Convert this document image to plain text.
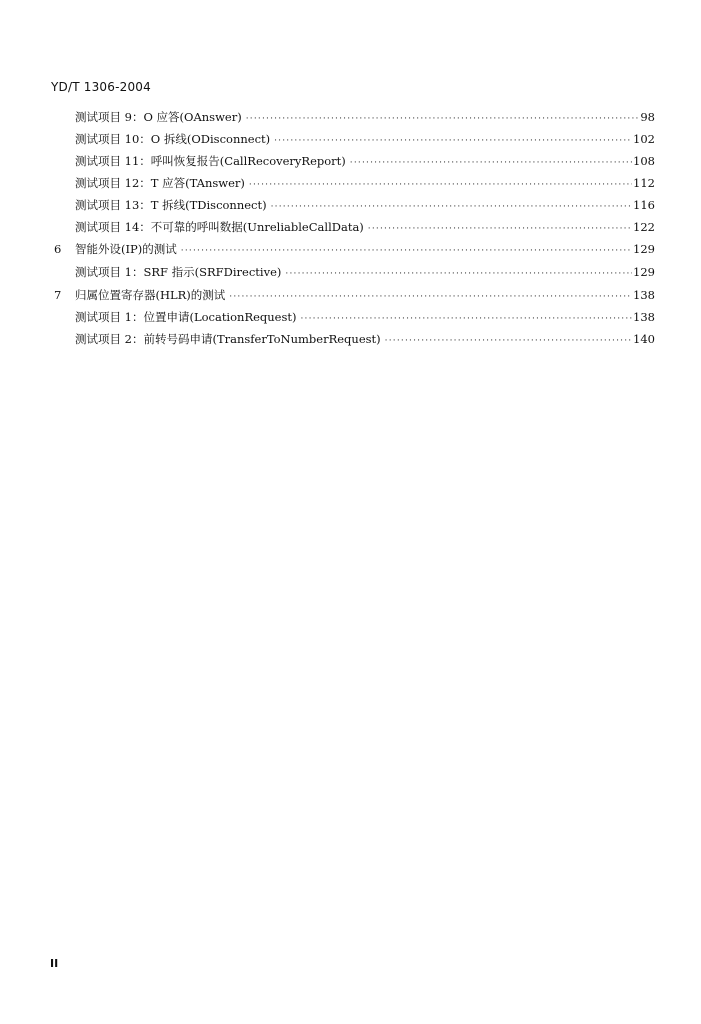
YD/T 1306-2004
测试项目 9：O 应答(OAnswer) ·····	98
测试项目 10：O 拆线(ODisconnect) ·····	102
测试项目 11：呼叫恢复报告(CallRecoveryReport) ·····	108
测试项目 12：T 应答(TAnswer) ·····	112
测试项目 13：T 拆线(TDisconnect) ·····	116
测试项目 14：不可靠的呼叫数据(UnreliableCallData) ·····	122
6 智能外设(IP)的测试 ·····	129
测试项目 1：SRF 指示(SRFDirective) ·····	129
7 归属位置寄存器(HLR)的测试 ·····	138
测试项目 1：位置申请(LocationRequest) ·····	138
测试项目 2：前转号码申请(TransferToNumberRequest) ·····	140
II
